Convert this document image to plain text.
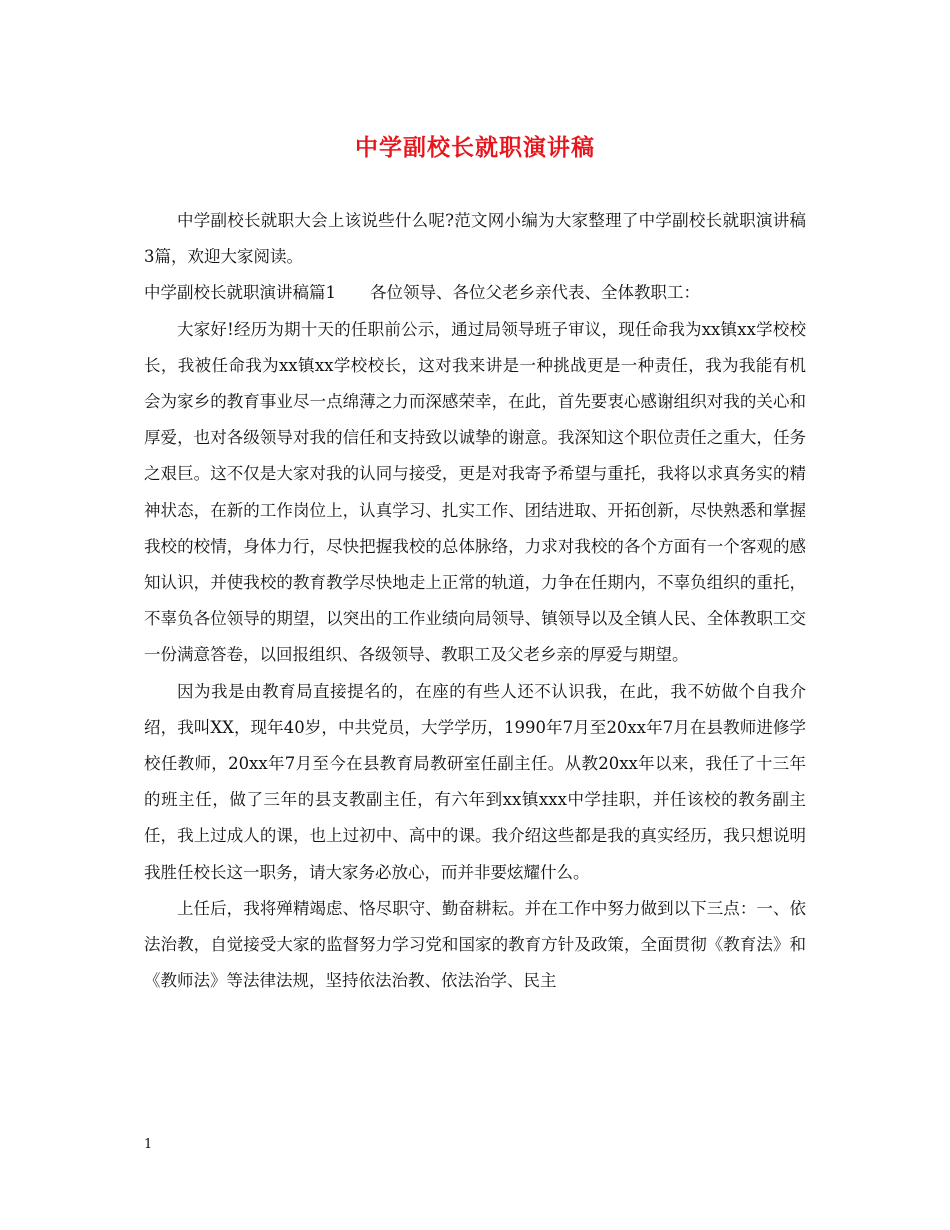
中学副校长就职演讲稿

中学副校长就职大会上该说些什么呢?范文网小编为大家整理了中学副校长就职演讲稿3篇，欢迎大家阅读。

中学副校长就职演讲稿篇1 各位领导、各位父老乡亲代表、全体教职工：

大家好!经历为期十天的任职前公示，通过局领导班子审议，现任命我为xx镇xx学校校长，我被任命我为xx镇xx学校校长，这对我来讲是一种挑战更是一种责任，我为我能有机会为家乡的教育事业尽一点绵薄之力而深感荣幸，在此，首先要衷心感谢组织对我的关心和厚爱，也对各级领导对我的信任和支持致以诚挚的谢意。我深知这个职位责任之重大，任务之艰巨。这不仅是大家对我的认同与接受，更是对我寄予希望与重托，我将以求真务实的精神状态，在新的工作岗位上，认真学习、扎实工作、团结进取、开拓创新，尽快熟悉和掌握我校的校情，身体力行，尽快把握我校的总体脉络，力求对我校的各个方面有一个客观的感知认识，并使我校的教育教学尽快地走上正常的轨道，力争在任期内，不辜负组织的重托，不辜负各位领导的期望，以突出的工作业绩向局领导、镇领导以及全镇人民、全体教职工交一份满意答卷，以回报组织、各级领导、教职工及父老乡亲的厚爱与期望。

因为我是由教育局直接提名的，在座的有些人还不认识我，在此，我不妨做个自我介绍，我叫XX，现年40岁，中共党员，大学学历，1990年7月至20xx年7月在县教师进修学校任教师，20xx年7月至今在县教育局教研室任副主任。从教20xx年以来，我任了十三年的班主任，做了三年的县支教副主任，有六年到xx镇xxx中学挂职，并任该校的教务副主任，我上过成人的课，也上过初中、高中的课。我介绍这些都是我的真实经历，我只想说明我胜任校长这一职务，请大家务必放心，而并非要炫耀什么。

上任后，我将殚精竭虑、恪尽职守、勤奋耕耘。并在工作中努力做到以下三点：一、依法治教，自觉接受大家的监督努力学习党和国家的教育方针及政策，全面贯彻《教育法》和《教师法》等法律法规，坚持依法治教、依法治学、民主

1
